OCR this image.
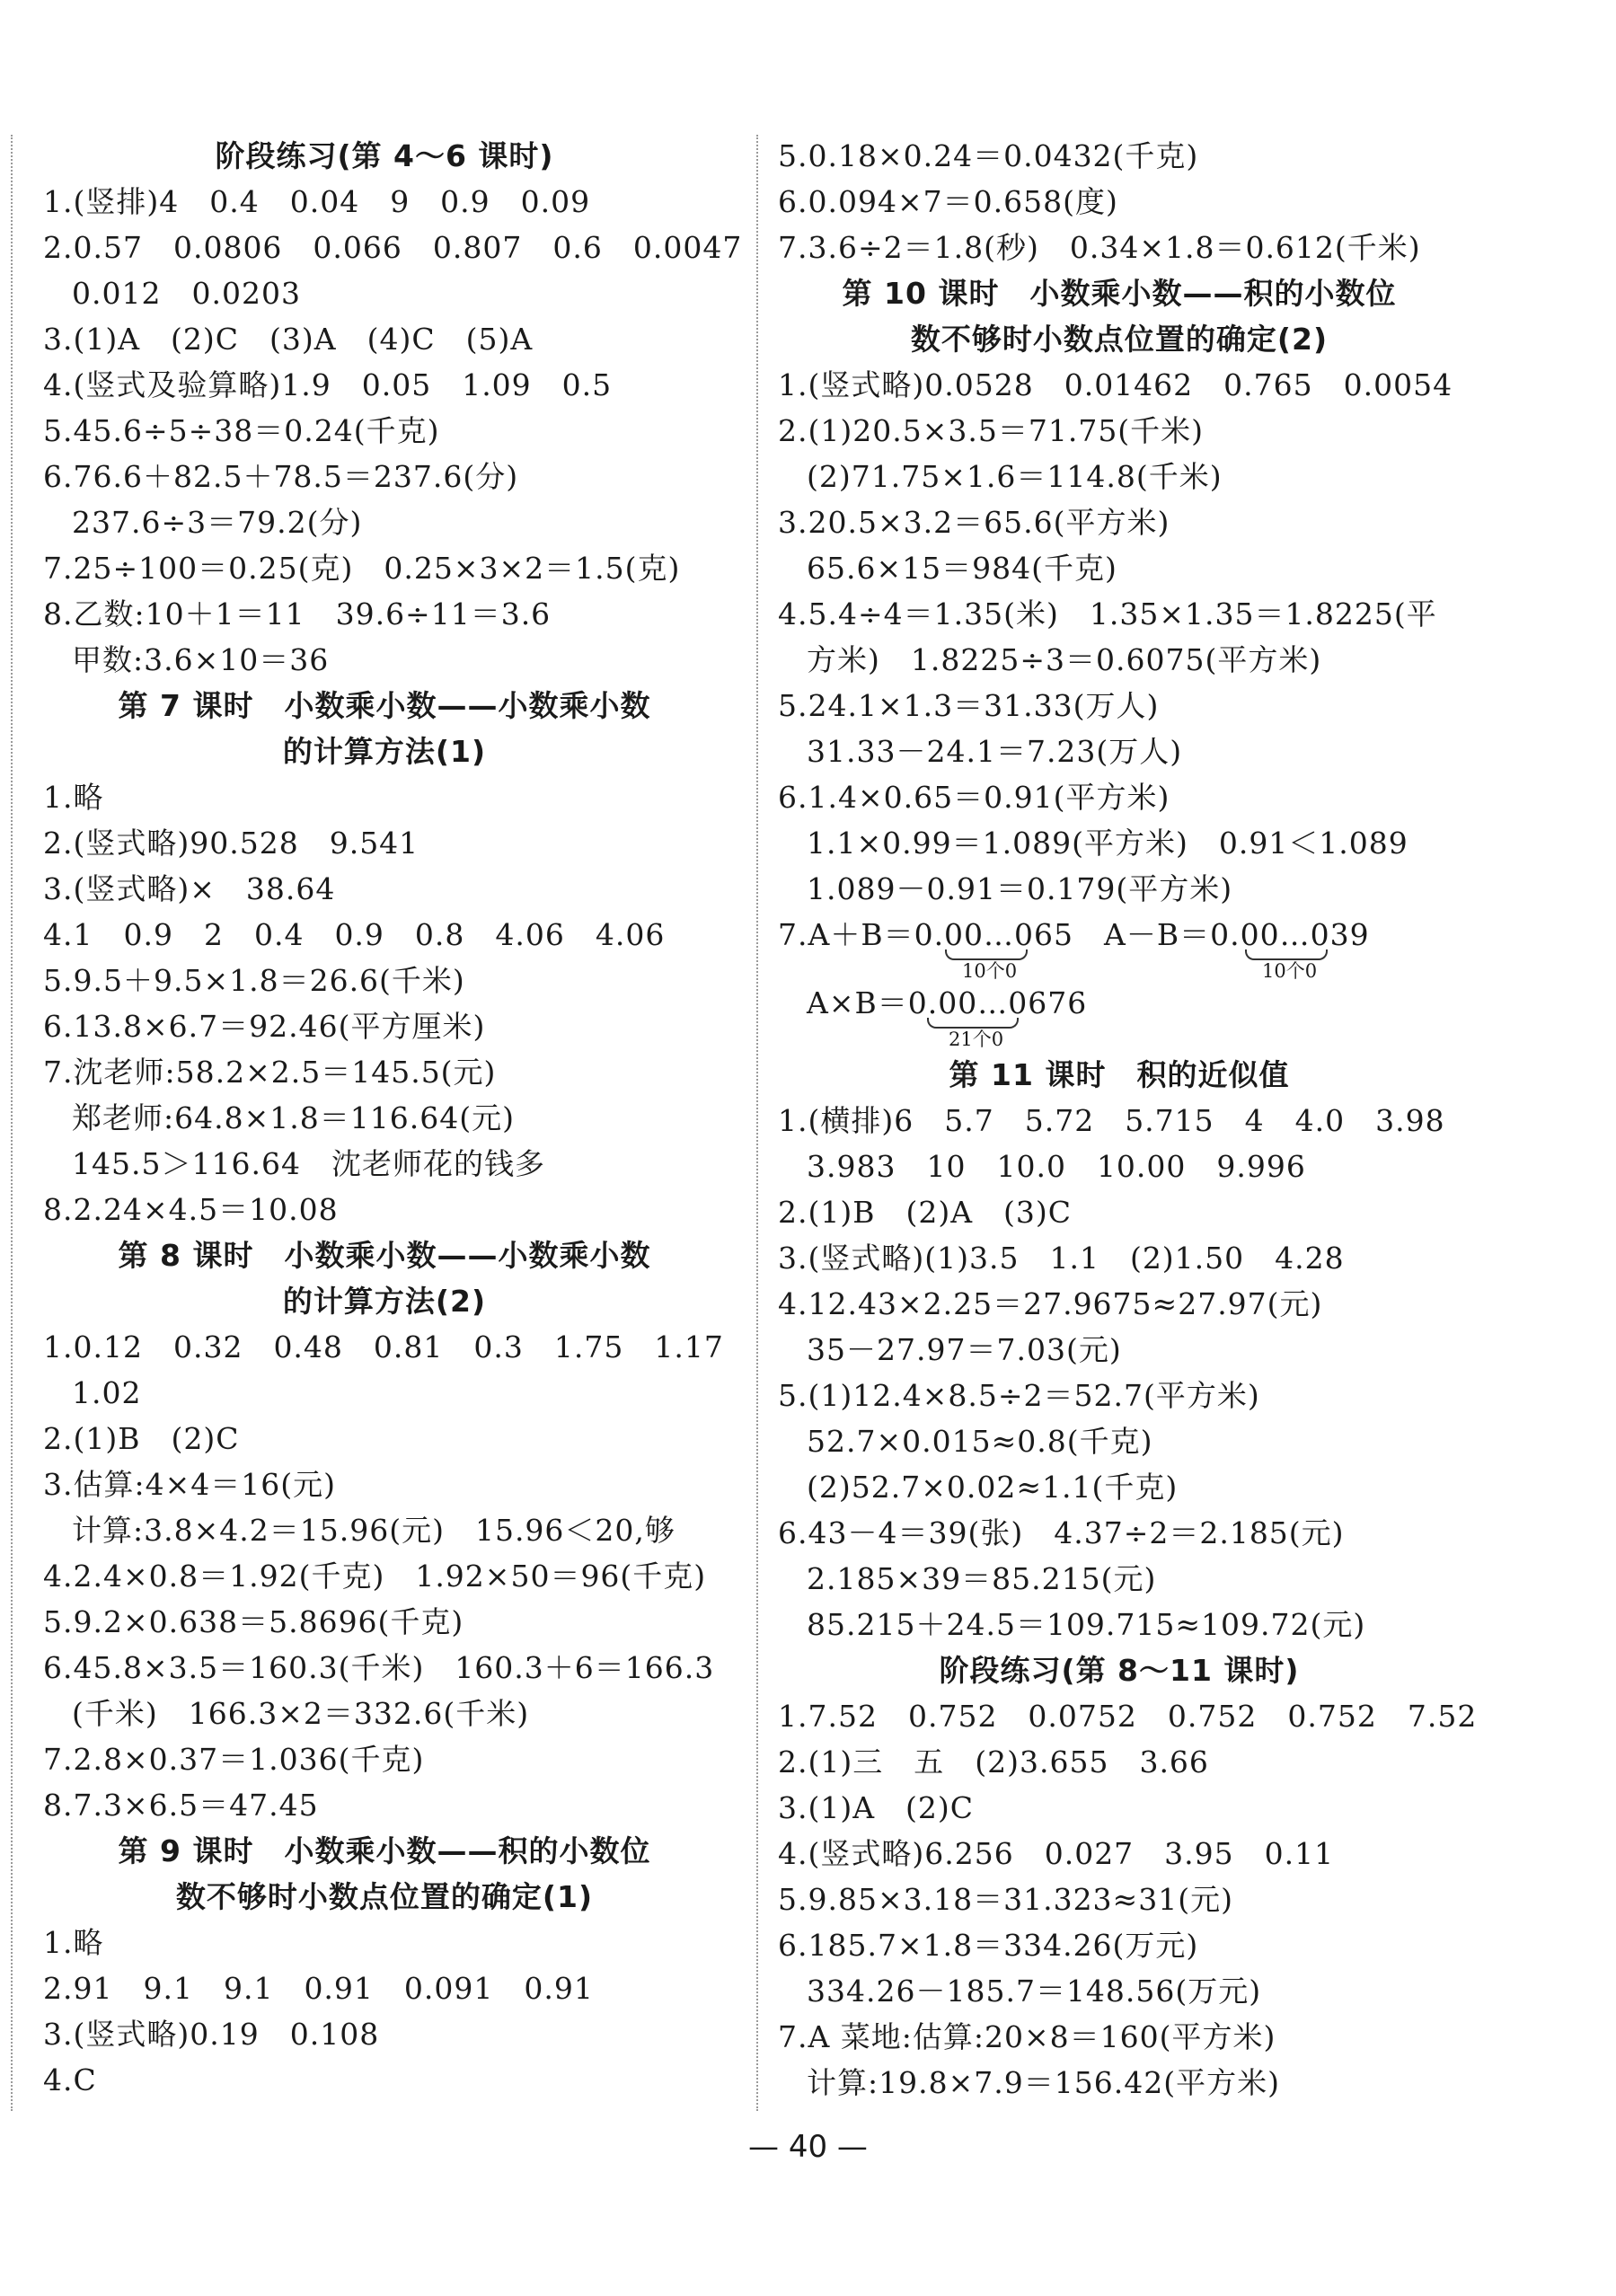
阶段练习(第 4～6 课时)
1.(竖排)4　0.4　0.04　9　0.9　0.09
2.0.57　0.0806　0.066　0.807　0.6　0.0047
0.012　0.0203
3.(1)A　(2)C　(3)A　(4)C　(5)A
4.(竖式及验算略)1.9　0.05　1.09　0.5
5.45.6÷5÷38＝0.24(千克)
6.76.6＋82.5＋78.5＝237.6(分)
237.6÷3＝79.2(分)
7.25÷100＝0.25(克)　0.25×3×2＝1.5(克)
8.乙数:10＋1＝11　39.6÷11＝3.6
甲数:3.6×10＝36
第 7 课时　小数乘小数——小数乘小数
的计算方法(1)
1.略
2.(竖式略)90.528　9.541
3.(竖式略)×　38.64
4.1　0.9　2　0.4　0.9　0.8　4.06　4.06
5.9.5＋9.5×1.8＝26.6(千米)
6.13.8×6.7＝92.46(平方厘米)
7.沈老师:58.2×2.5＝145.5(元)
郑老师:64.8×1.8＝116.64(元)
145.5＞116.64　沈老师花的钱多
8.2.24×4.5＝10.08
第 8 课时　小数乘小数——小数乘小数
的计算方法(2)
1.0.12　0.32　0.48　0.81　0.3　1.75　1.17
1.02
2.(1)B　(2)C
3.估算:4×4＝16(元)
计算:3.8×4.2＝15.96(元)　15.96＜20,够
4.2.4×0.8＝1.92(千克)　1.92×50＝96(千克)
5.9.2×0.638＝5.8696(千克)
6.45.8×3.5＝160.3(千米)　160.3＋6＝166.3
(千米)　166.3×2＝332.6(千米)
7.2.8×0.37＝1.036(千克)
8.7.3×6.5＝47.45
第 9 课时　小数乘小数——积的小数位
数不够时小数点位置的确定(1)
1.略
2.91　9.1　9.1　0.91　0.091　0.91
3.(竖式略)0.19　0.108
4.C
5.0.18×0.24＝0.0432(千克)
6.0.094×7＝0.658(度)
7.3.6÷2＝1.8(秒)　0.34×1.8＝0.612(千米)
第 10 课时　小数乘小数——积的小数位
数不够时小数点位置的确定(2)
1.(竖式略)0.0528　0.01462　0.765　0.0054
2.(1)20.5×3.5＝71.75(千米)
(2)71.75×1.6＝114.8(千米)
3.20.5×3.2＝65.6(平方米)
65.6×15＝984(千克)
4.5.4÷4＝1.35(米)　1.35×1.35＝1.8225(平
方米)　1.8225÷3＝0.6075(平方米)
5.24.1×1.3＝31.33(万人)
31.33－24.1＝7.23(万人)
6.1.4×0.65＝0.91(平方米)
1.1×0.99＝1.089(平方米)　0.91＜1.089
1.089－0.91＝0.179(平方米)
7.A＋B＝0.00…065　A－B＝0.00…039
10个0	10个0
A×B＝0.00…0676
21个0
第 11 课时　积的近似值
1.(横排)6　5.7　5.72　5.715　4　4.0　3.98
3.983　10　10.0　10.00　9.996
2.(1)B　(2)A　(3)C
3.(竖式略)(1)3.5　1.1　(2)1.50　4.28
4.12.43×2.25＝27.9675≈27.97(元)
35－27.97＝7.03(元)
5.(1)12.4×8.5÷2＝52.7(平方米)
52.7×0.015≈0.8(千克)
(2)52.7×0.02≈1.1(千克)
6.43－4＝39(张)　4.37÷2＝2.185(元)
2.185×39＝85.215(元)
85.215＋24.5＝109.715≈109.72(元)
阶段练习(第 8～11 课时)
1.7.52　0.752　0.0752　0.752　0.752　7.52
2.(1)三　五　(2)3.655　3.66
3.(1)A　(2)C
4.(竖式略)6.256　0.027　3.95　0.11
5.9.85×3.18＝31.323≈31(元)
6.185.7×1.8＝334.26(万元)
334.26－185.7＝148.56(万元)
7.A 菜地:估算:20×8＝160(平方米)
计算:19.8×7.9＝156.42(平方米)
— 40 —
